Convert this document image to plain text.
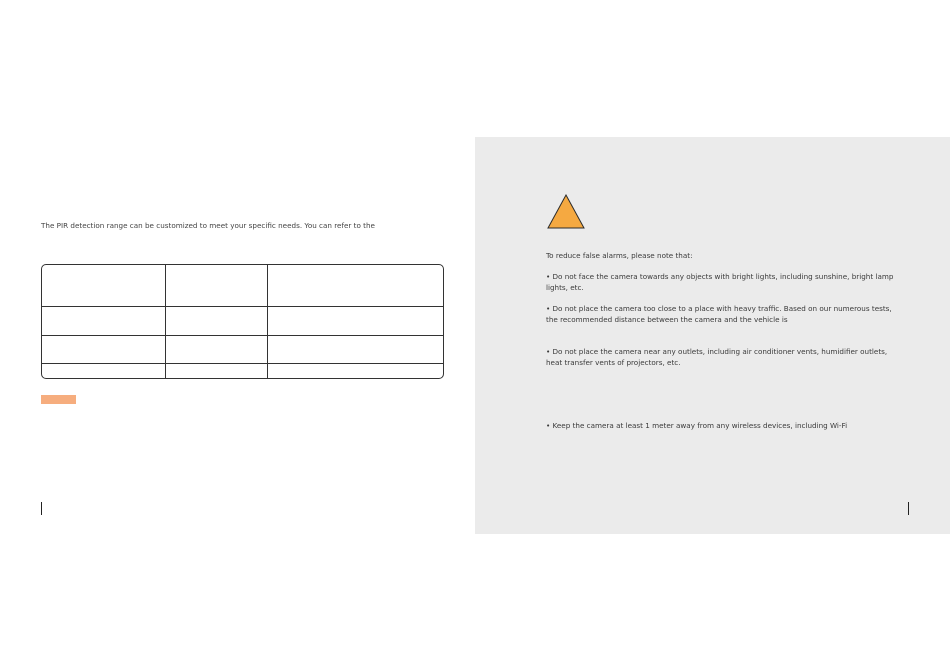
The PIR detection range can be customized to meet your specific needs. You can refer to the

To reduce false alarms, please note that:
• Do not face the camera towards any objects with bright lights, including sunshine, bright lamp lights, etc.
• Do not place the camera too close to a place with heavy traffic. Based on our numerous tests, the recommended distance between the camera and the vehicle is
• Do not place the camera near any outlets, including air conditioner vents, humidifier outlets, heat transfer vents of projectors, etc.
• Keep the camera at least 1 meter away from any wireless devices, including Wi-Fi
